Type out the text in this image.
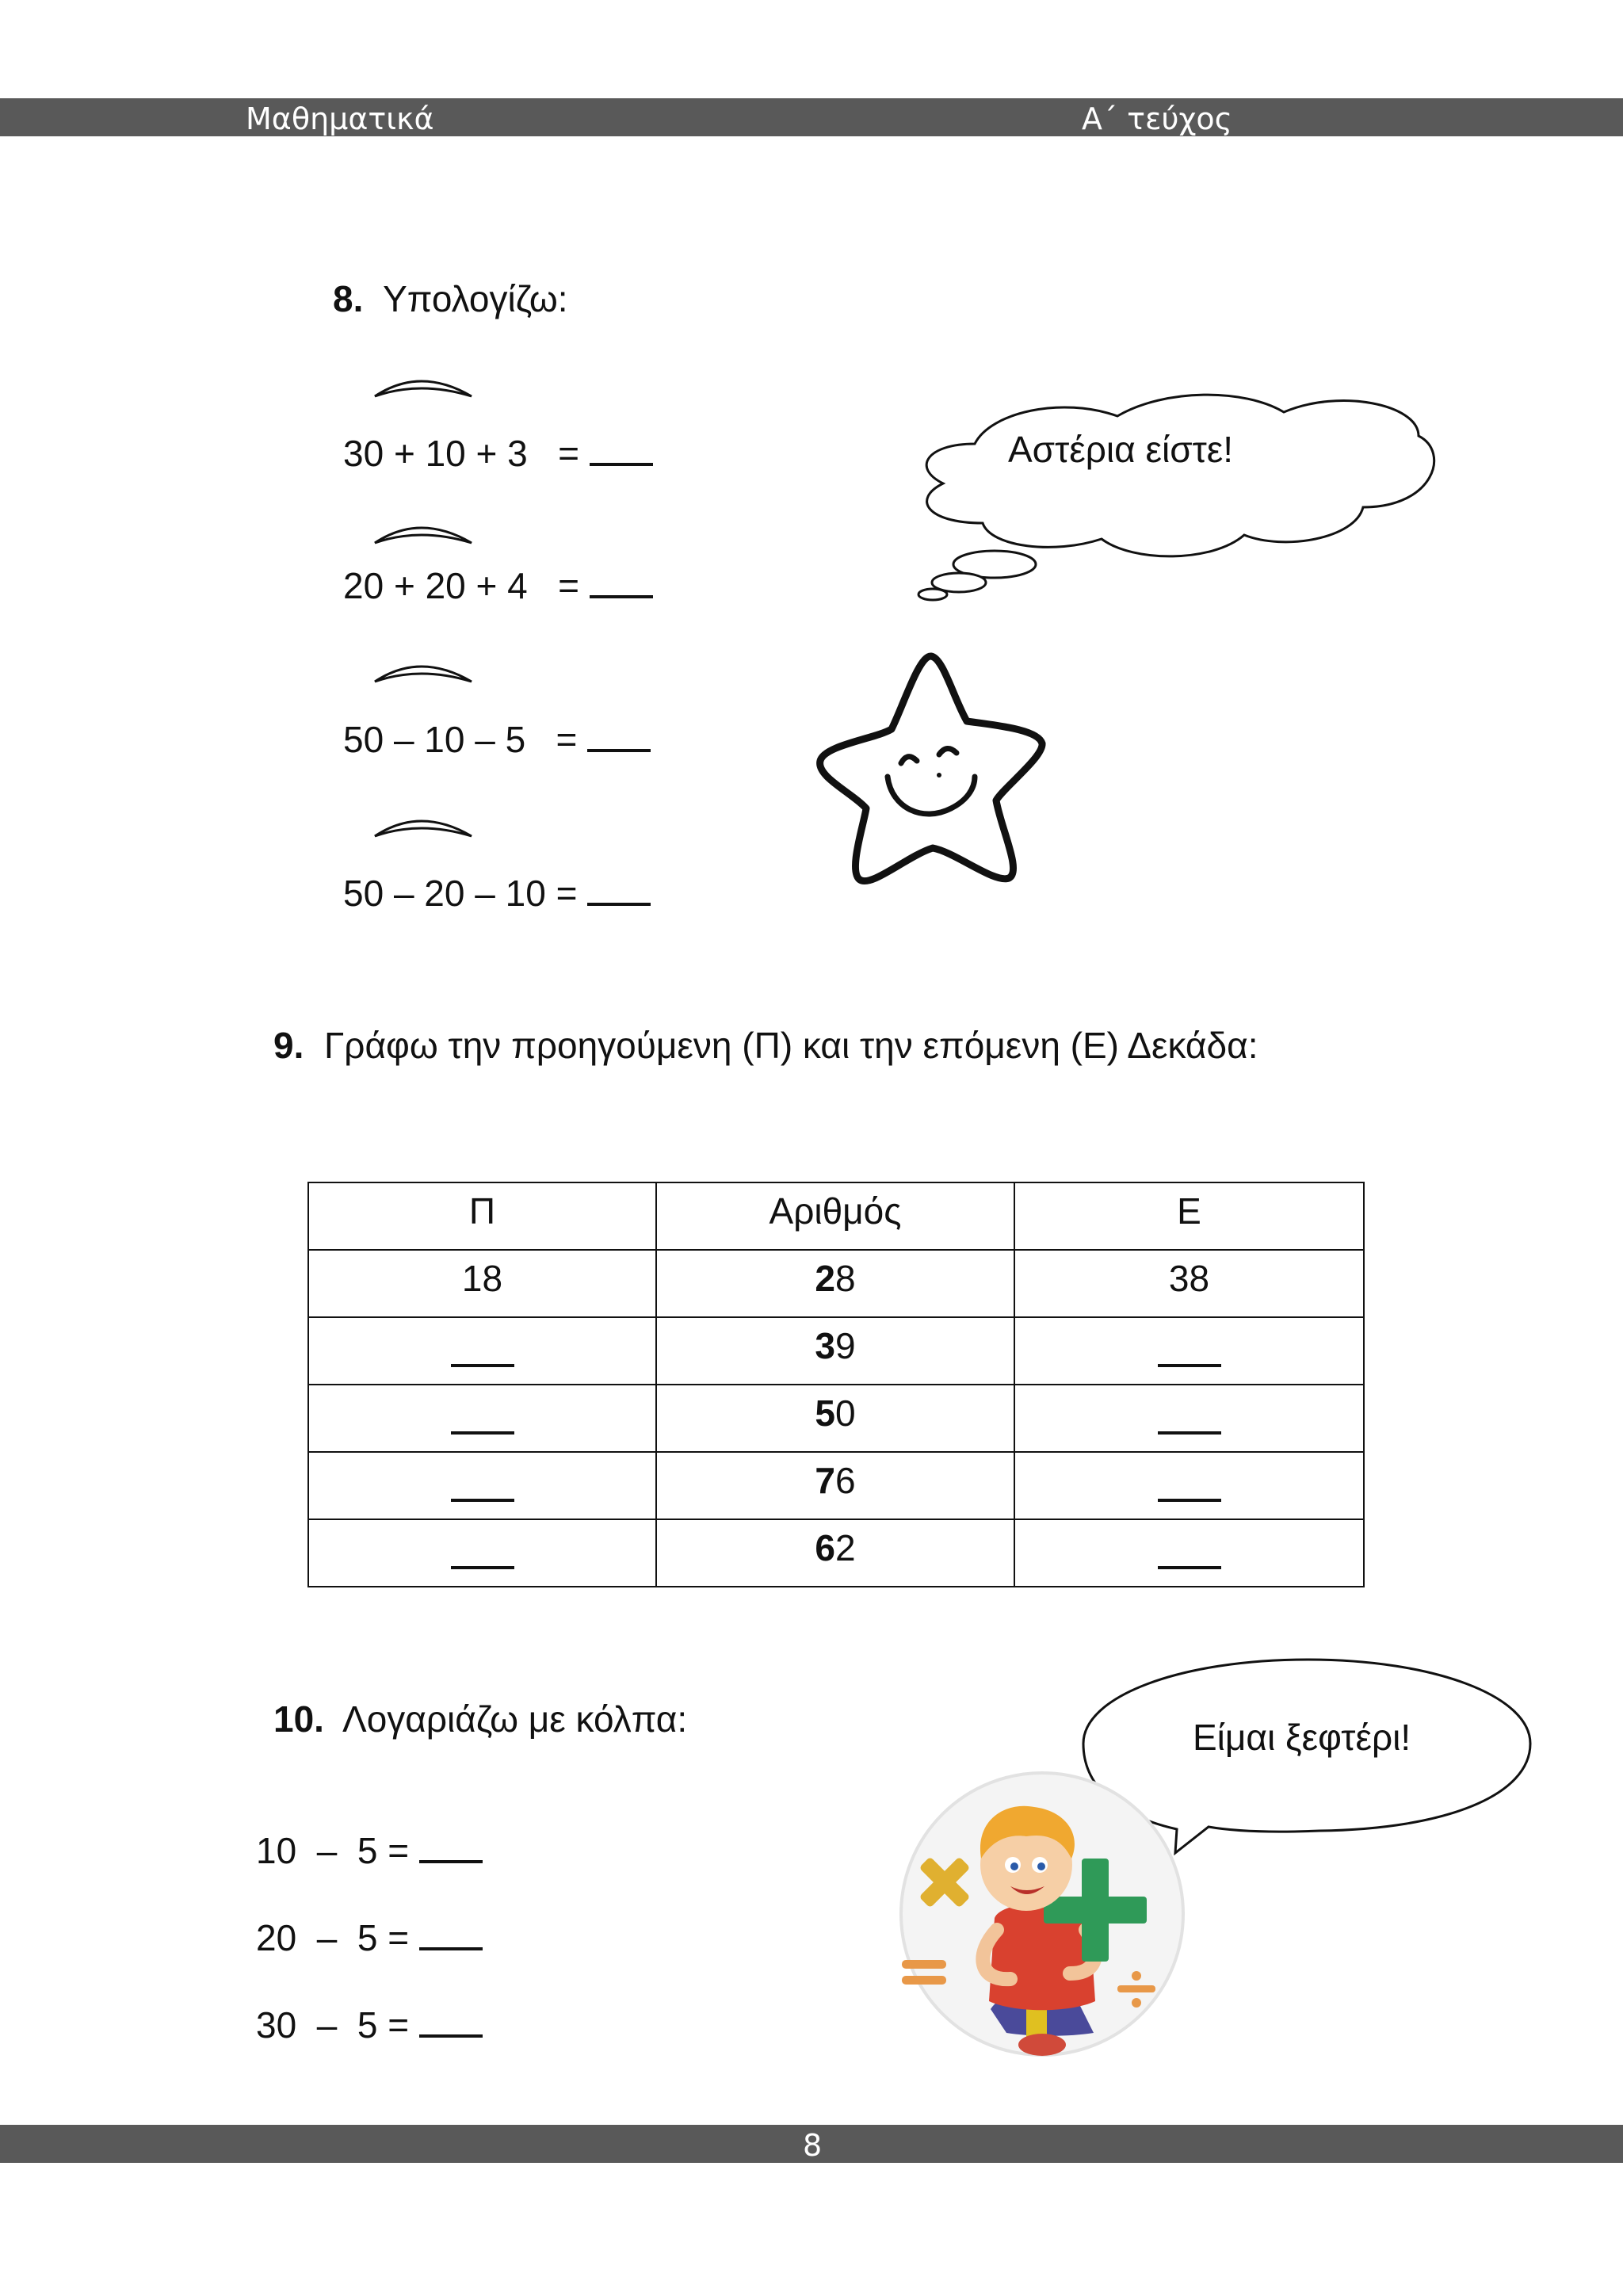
Μαθηματικά	Α΄ τεύχος
8. Υπολογίζω:
30 + 10 + 3   =
20 + 20 + 4   =
50 – 10 – 5   =
50 – 20 – 10 =
Αστέρια είστε!
9. Γράφω την προηγούμενη (Π) και την επόμενη (Ε) Δεκάδα:
Π	Αριθμός	Ε
18	28	38
	39	
	50	
	76	
	62	
10. Λογαριάζω με κόλπα:
10  –  5 =
20  –  5 =
30  –  5 =
Είμαι ξεφτέρι!
8
